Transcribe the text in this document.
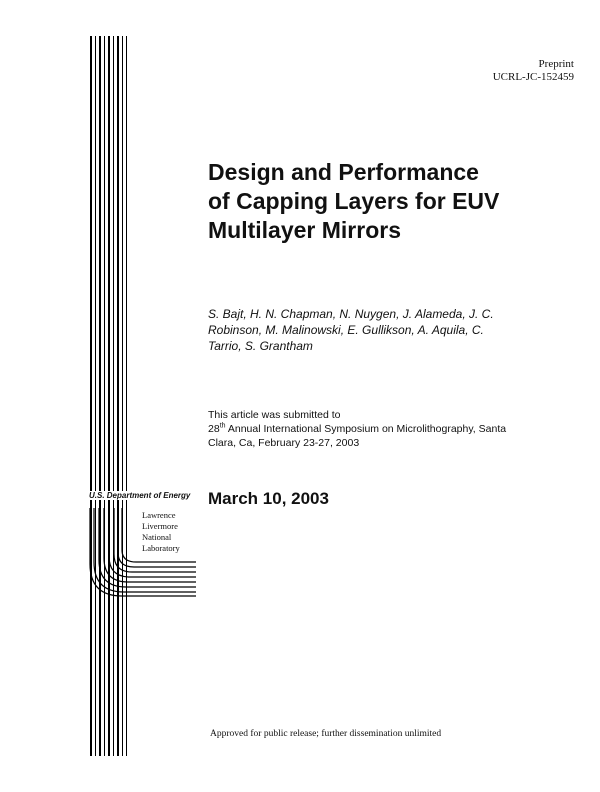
Preprint
UCRL-JC-152459
Design and Performance
of Capping Layers for EUV
Multilayer Mirrors
S. Bajt, H. N. Chapman, N. Nuygen, J. Alameda, J. C.
Robinson, M. Malinowski, E. Gullikson, A. Aquila, C.
Tarrio, S. Grantham
This article was submitted to
28th Annual International Symposium on Microlithography, Santa
Clara, Ca, February 23-27, 2003
March 10, 2003
U.S. Department of Energy
Lawrence
Livermore
National
Laboratory
Approved for public release; further dissemination unlimited
